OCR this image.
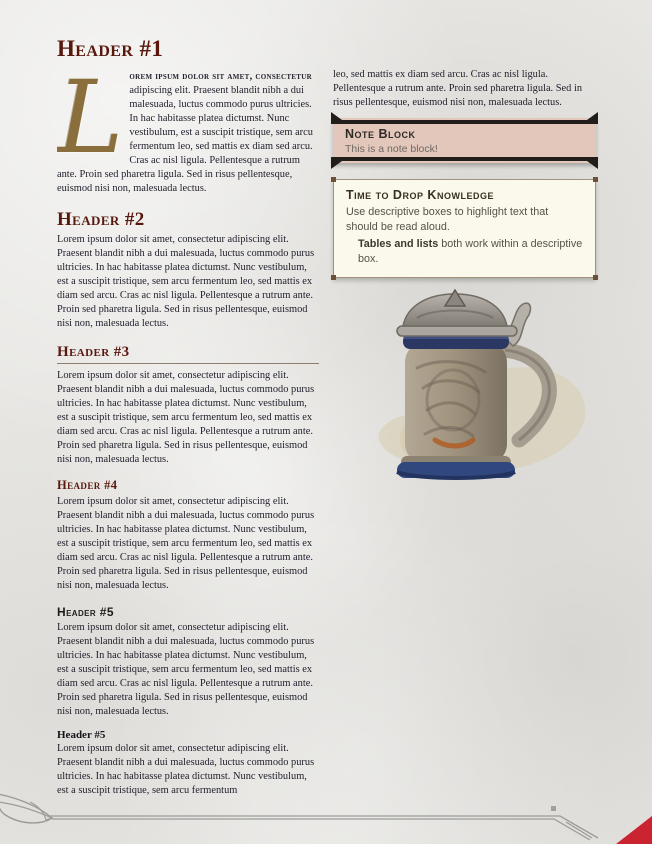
Header #1

Lorem ipsum dolor sit amet, consectetur adipiscing elit. Praesent blandit nibh a dui malesuada, luctus commodo purus ultricies. In hac habitasse platea dictumst. Nunc vestibulum, est a suscipit tristique, sem arcu fermentum leo, sed mattis ex diam sed arcu. Cras ac nisl ligula. Pellentesque a rutrum ante. Proin sed pharetra ligula. Sed in risus pellentesque, euismod nisi non, malesuada lectus.

Header #2

Lorem ipsum dolor sit amet, consectetur adipiscing elit. Praesent blandit nibh a dui malesuada, luctus commodo purus ultricies. In hac habitasse platea dictumst. Nunc vestibulum, est a suscipit tristique, sem arcu fermentum leo, sed mattis ex diam sed arcu. Cras ac nisl ligula. Pellentesque a rutrum ante. Proin sed pharetra ligula. Sed in risus pellentesque, euismod nisi non, malesuada lectus.

Header #3

Lorem ipsum dolor sit amet, consectetur adipiscing elit. Praesent blandit nibh a dui malesuada, luctus commodo purus ultricies. In hac habitasse platea dictumst. Nunc vestibulum, est a suscipit tristique, sem arcu fermentum leo, sed mattis ex diam sed arcu. Cras ac nisl ligula. Pellentesque a rutrum ante. Proin sed pharetra ligula. Sed in risus pellentesque, euismod nisi non, malesuada lectus.

Header #4

Lorem ipsum dolor sit amet, consectetur adipiscing elit. Praesent blandit nibh a dui malesuada, luctus commodo purus ultricies. In hac habitasse platea dictumst. Nunc vestibulum, est a suscipit tristique, sem arcu fermentum leo, sed mattis ex diam sed arcu. Cras ac nisl ligula. Pellentesque a rutrum ante. Proin sed pharetra ligula. Sed in risus pellentesque, euismod nisi non, malesuada lectus.

Header #5

Lorem ipsum dolor sit amet, consectetur adipiscing elit. Praesent blandit nibh a dui malesuada, luctus commodo purus ultricies. In hac habitasse platea dictumst. Nunc vestibulum, est a suscipit tristique, sem arcu fermentum leo, sed mattis ex diam sed arcu. Cras ac nisl ligula. Pellentesque a rutrum ante. Proin sed pharetra ligula. Sed in risus pellentesque, euismod nisi non, malesuada lectus.

Header #5

Lorem ipsum dolor sit amet, consectetur adipiscing elit. Praesent blandit nibh a dui malesuada, luctus commodo purus ultricies. In hac habitasse platea dictumst. Nunc vestibulum, est a suscipit tristique, sem arcu fermentum

leo, sed mattis ex diam sed arcu. Cras ac nisl ligula. Pellentesque a rutrum ante. Proin sed pharetra ligula. Sed in risus pellentesque, euismod nisi non, malesuada lectus.

Note Block
This is a note block!
Time to Drop Knowledge
Use descriptive boxes to highlight text that should be read aloud.
Tables and lists both work within a descriptive box.
